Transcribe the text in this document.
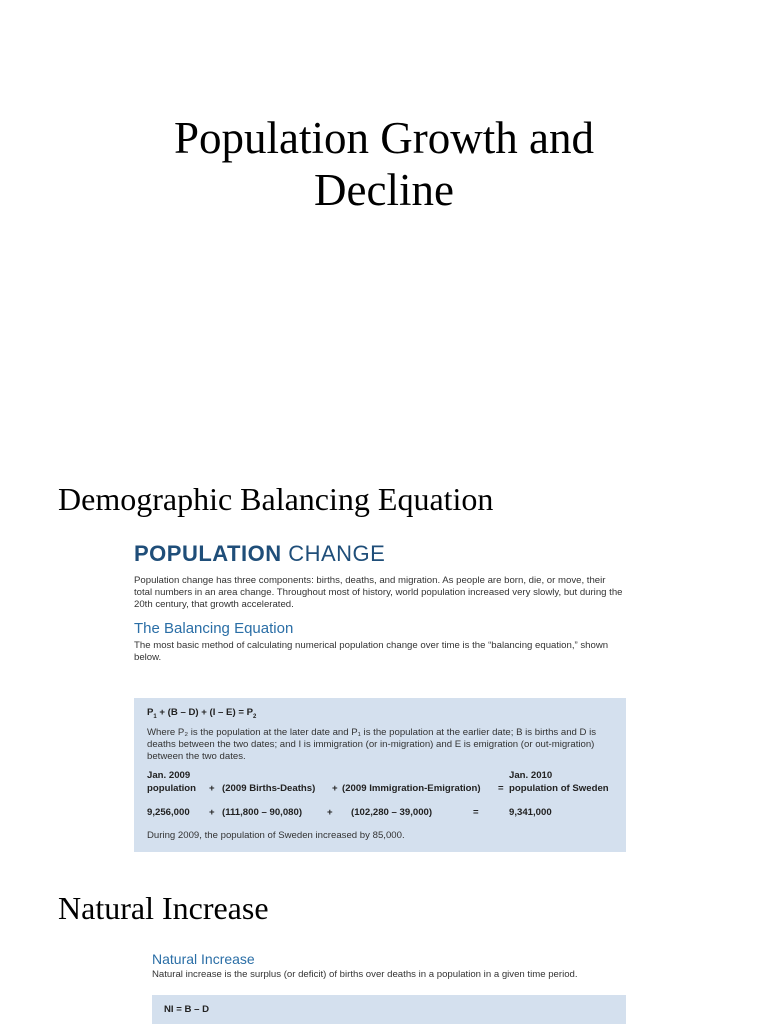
Population Growth and
Decline
Demographic Balancing Equation
POPULATION CHANGE

Population change has three components: births, deaths, and migration. As people are born, die, or move, their total numbers in an area change. Throughout most of history, world population increased very slowly, but during the 20th century, that growth accelerated.

The Balancing Equation

The most basic method of calculating numerical population change over time is the “balancing equation,” shown below.

$P_1 + (B - D) + (I - E) = P_2$

Where P₂ is the population at the later date and P₁ is the population at the earlier date; B is births and D is deaths between the two dates; and I is immigration (or in-migration) and E is emigration (or out-migration) between the two dates.

Jan. 2009	Jan. 2010
population + (2009 Births-Deaths) + (2009 Immigration-Emigration) = population of Sweden
9,256,000 + (111,800 – 90,080)	+ (102,280 – 39,000)	=	9,341,000

During 2009, the population of Sweden increased by 85,000.

Natural Increase
Natural Increase

Natural increase is the surplus (or deficit) of births over deaths in a population in a given time period.

NI = B – D
